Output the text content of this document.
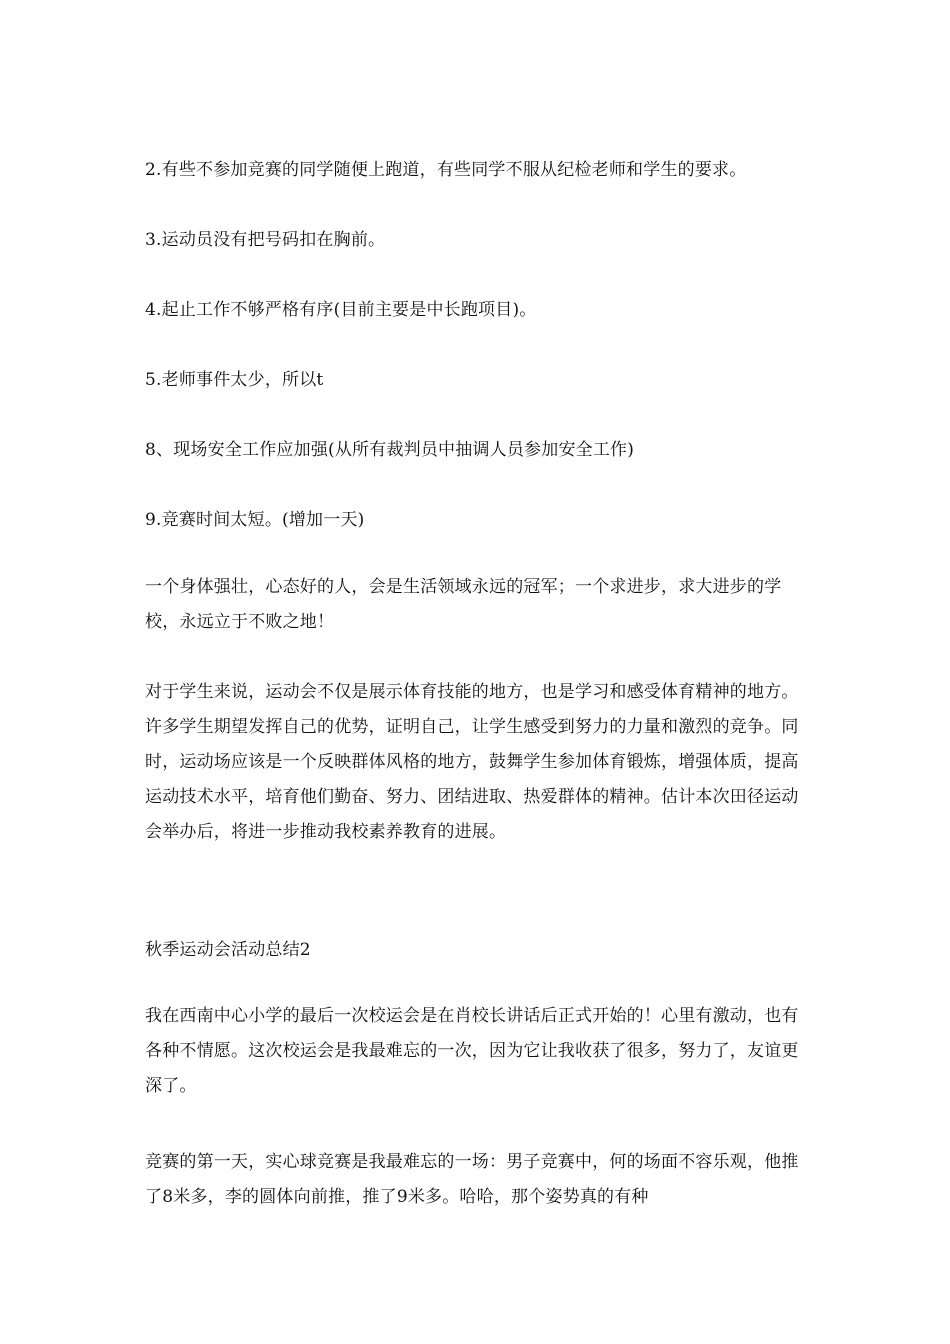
2.有些不参加竞赛的同学随便上跑道，有些同学不服从纪检老师和学生的要求。

3.运动员没有把号码扣在胸前。

4.起止工作不够严格有序(目前主要是中长跑项目)。

5.老师事件太少，所以t

8、现场安全工作应加强(从所有裁判员中抽调人员参加安全工作)

9.竞赛时间太短。(增加一天)

一个身体强壮，心态好的人，会是生活领域永远的冠军；一个求进步，求大进步的学校，永远立于不败之地！

对于学生来说，运动会不仅是展示体育技能的地方，也是学习和感受体育精神的地方。许多学生期望发挥自己的优势，证明自己，让学生感受到努力的力量和激烈的竞争。同时，运动场应该是一个反映群体风格的地方，鼓舞学生参加体育锻炼，增强体质，提高运动技术水平，培育他们勤奋、努力、团结进取、热爱群体的精神。估计本次田径运动会举办后，将进一步推动我校素养教育的进展。

秋季运动会活动总结2

我在西南中心小学的最后一次校运会是在肖校长讲话后正式开始的！心里有激动，也有各种不情愿。这次校运会是我最难忘的一次，因为它让我收获了很多，努力了，友谊更深了。

竞赛的第一天，实心球竞赛是我最难忘的一场：男子竞赛中，何的场面不容乐观，他推了8米多，李的圆体向前推，推了9米多。哈哈，那个姿势真的有种
